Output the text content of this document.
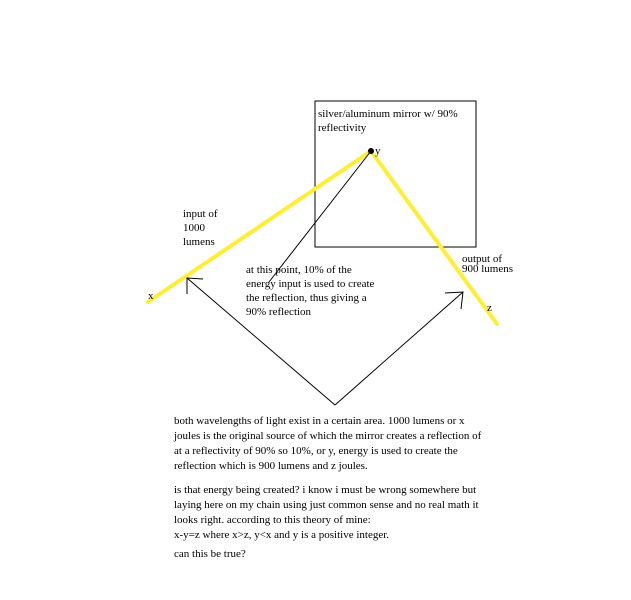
silver/aluminum mirror w/ 90%
reflectivity
y
input of
1000
lumens
x
output of
900 lumens
z
at this point, 10% of the
energy input is used to create
the reflection, thus giving a
90% reflection
both wavelengths of light exist in a certain area. 1000 lumens or x
joules is the original source of which the mirror creates a reflection of
at a reflectivity of 90% so 10%, or y, energy is used to create the
reflection which is 900 lumens and z joules.
is that energy being created? i know i must be wrong somewhere but
laying here on my chain using just common sense and no real math it
looks right. according to this theory of mine:
x-y=z where x>z, y<x and y is a positive integer.
can this be true?
